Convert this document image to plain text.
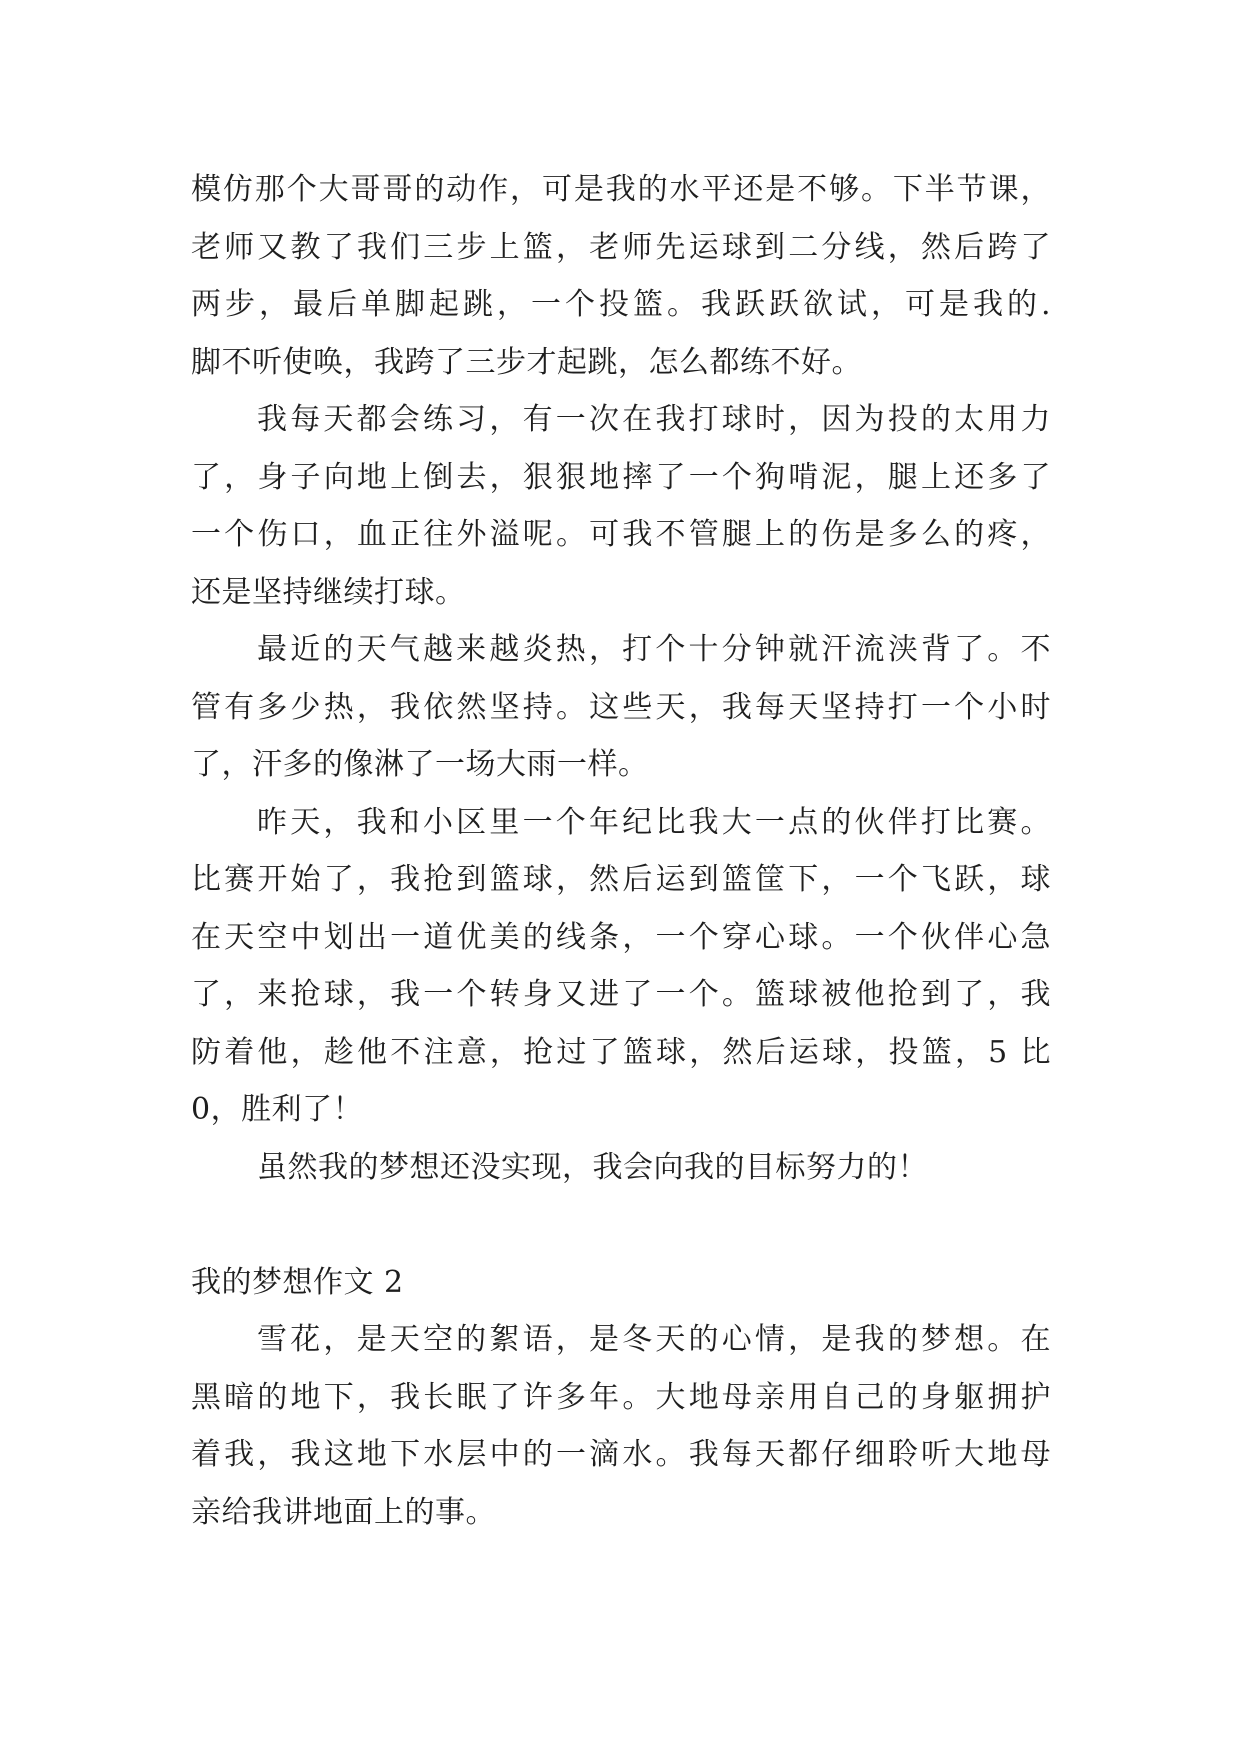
模仿那个大哥哥的动作，可是我的水平还是不够。下半节课，
老师又教了我们三步上篮，老师先运球到二分线，然后跨了
两步，最后单脚起跳，一个投篮。我跃跃欲试，可是我的.
脚不听使唤，我跨了三步才起跳，怎么都练不好。
我每天都会练习，有一次在我打球时，因为投的太用力
了，身子向地上倒去，狠狠地摔了一个狗啃泥，腿上还多了
一个伤口，血正往外溢呢。可我不管腿上的伤是多么的疼，
还是坚持继续打球。
最近的天气越来越炎热，打个十分钟就汗流浃背了。不
管有多少热，我依然坚持。这些天，我每天坚持打一个小时
了，汗多的像淋了一场大雨一样。
昨天，我和小区里一个年纪比我大一点的伙伴打比赛。
比赛开始了，我抢到篮球，然后运到篮筐下，一个飞跃，球
在天空中划出一道优美的线条，一个穿心球。一个伙伴心急
了，来抢球，我一个转身又进了一个。篮球被他抢到了，我
防着他，趁他不注意，抢过了篮球，然后运球，投篮，5 比
0，胜利了！
虽然我的梦想还没实现，我会向我的目标努力的！
我的梦想作文 2
雪花，是天空的絮语，是冬天的心情，是我的梦想。在
黑暗的地下，我长眠了许多年。大地母亲用自己的身躯拥护
着我，我这地下水层中的一滴水。我每天都仔细聆听大地母
亲给我讲地面上的事。
